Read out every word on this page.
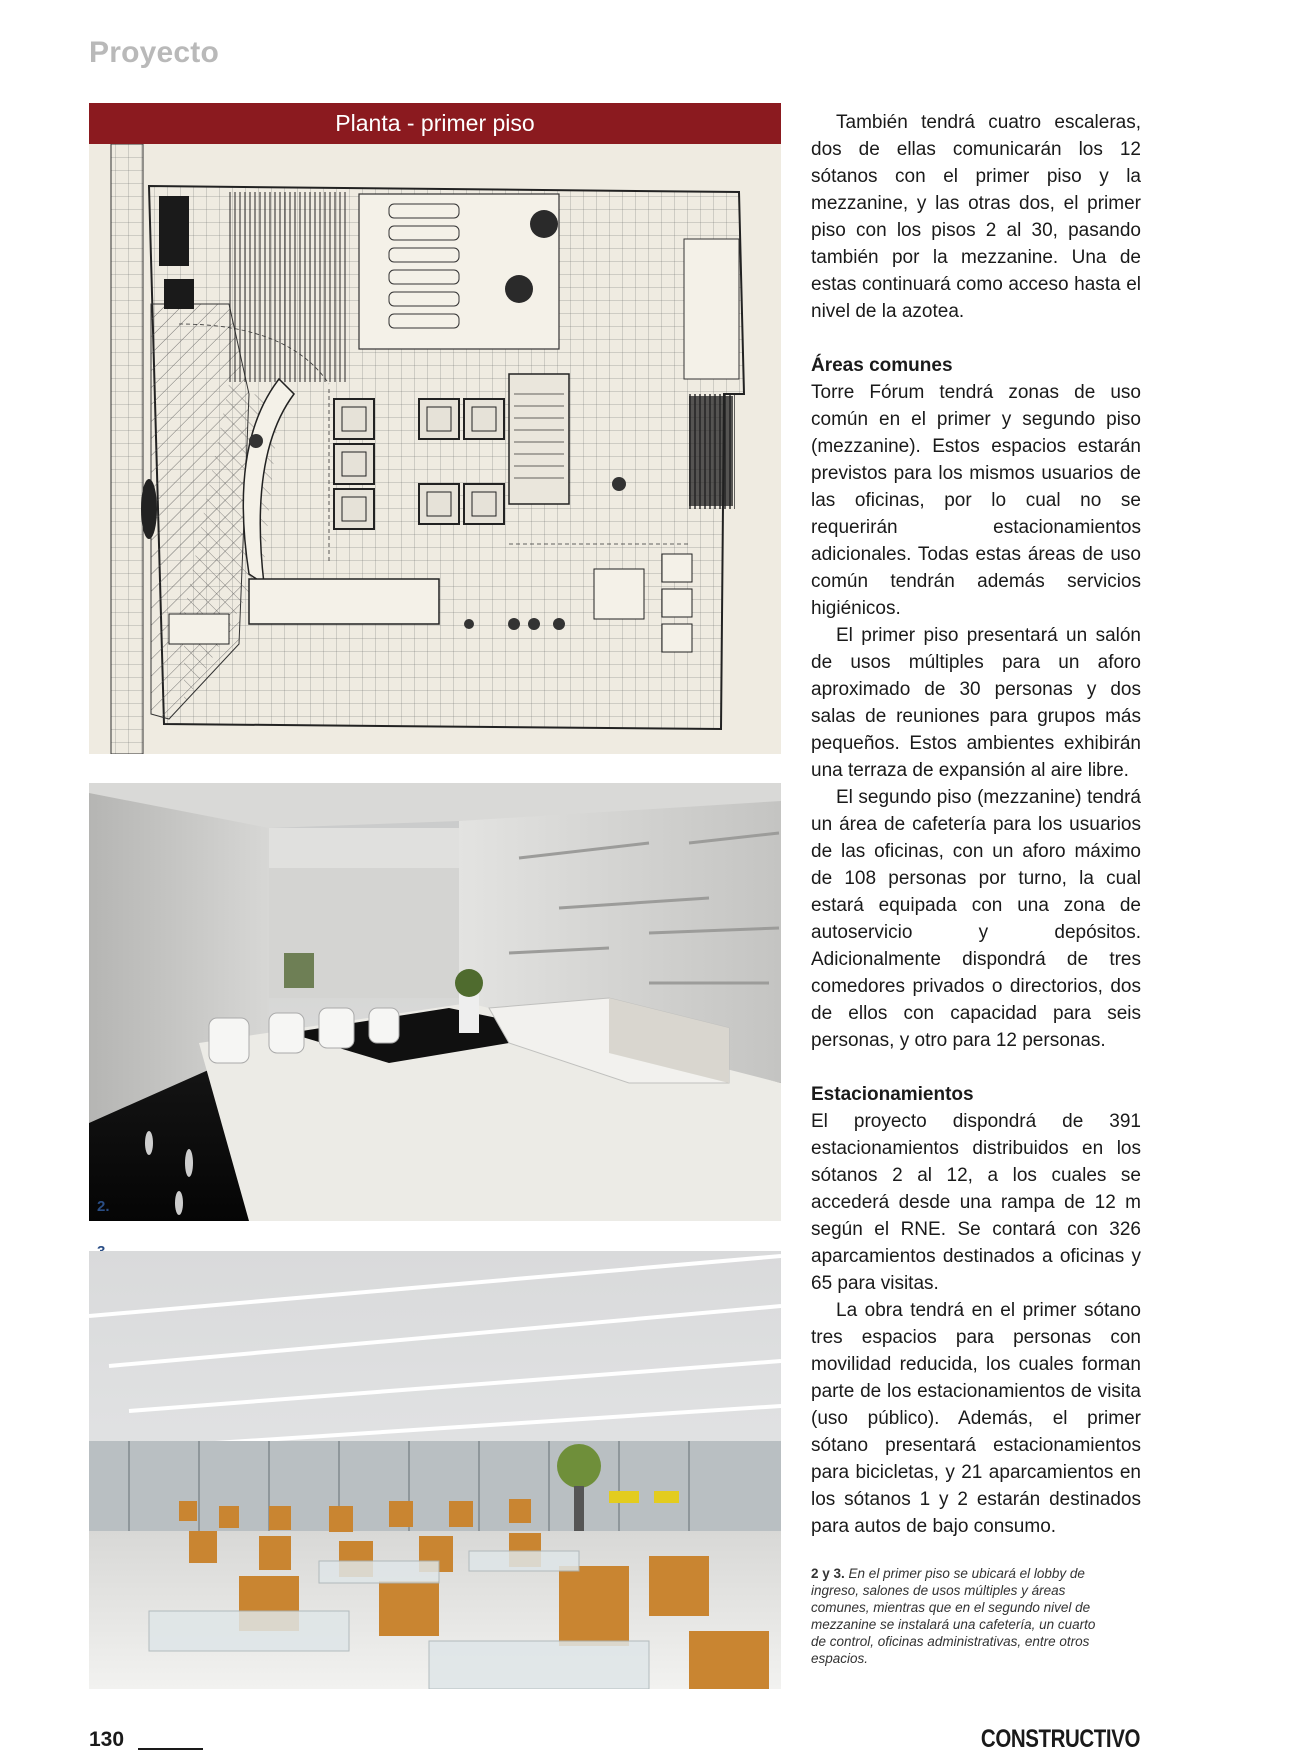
Proyecto
Planta - primer piso
2.

También tendrá cuatro escaleras, dos de ellas comunicarán los 12 sótanos con el primer piso y la mezzanine, y las otras dos, el primer piso con los pisos 2 al 30, pasando también por la mezzanine. Una de estas continuará como acceso hasta el nivel de la azotea.

Áreas comunes

Torre Fórum tendrá zonas de uso común en el primer y segundo piso (mezzanine). Estos espacios estarán previstos para los mismos usuarios de las oficinas, por lo cual no se requerirán estacionamientos adicionales. Todas estas áreas de uso común tendrán además servicios higiénicos.

El primer piso presentará un salón de usos múltiples para un aforo aproximado de 30 personas y dos salas de reuniones para grupos más pequeños. Estos ambientes exhibirán una terraza de expansión al aire libre.

El segundo piso (mezzanine) tendrá un área de cafetería para los usuarios de las oficinas, con un aforo máximo de 108 personas por turno, la cual estará equipada con una zona de autoservicio y depósitos. Adicionalmente dispondrá de tres comedores privados o directorios, dos de ellos con capacidad para seis personas, y otro para 12 personas.

Estacionamientos

El proyecto dispondrá de 391 estacionamientos distribuidos en los sótanos 2 al 12, a los cuales se accederá desde una rampa de 12 m según el RNE. Se contará con 326 aparcamientos destinados a oficinas y 65 para visitas.

La obra tendrá en el primer sótano tres espacios para personas con movilidad reducida, los cuales forman parte de los estacionamientos de visita (uso público). Además, el primer sótano presentará estacionamientos para bicicletas, y 21 aparcamientos en los sótanos 1 y 2 estarán destinados para autos de bajo consumo.

2 y 3. En el primer piso se ubicará el lobby de ingreso, salones de usos múltiples y áreas comunes, mientras que en el segundo nivel de mezzanine se instalará una cafetería, un cuarto de control, oficinas administrativas, entre otros espacios.
130	CONSTRUCTIVO
